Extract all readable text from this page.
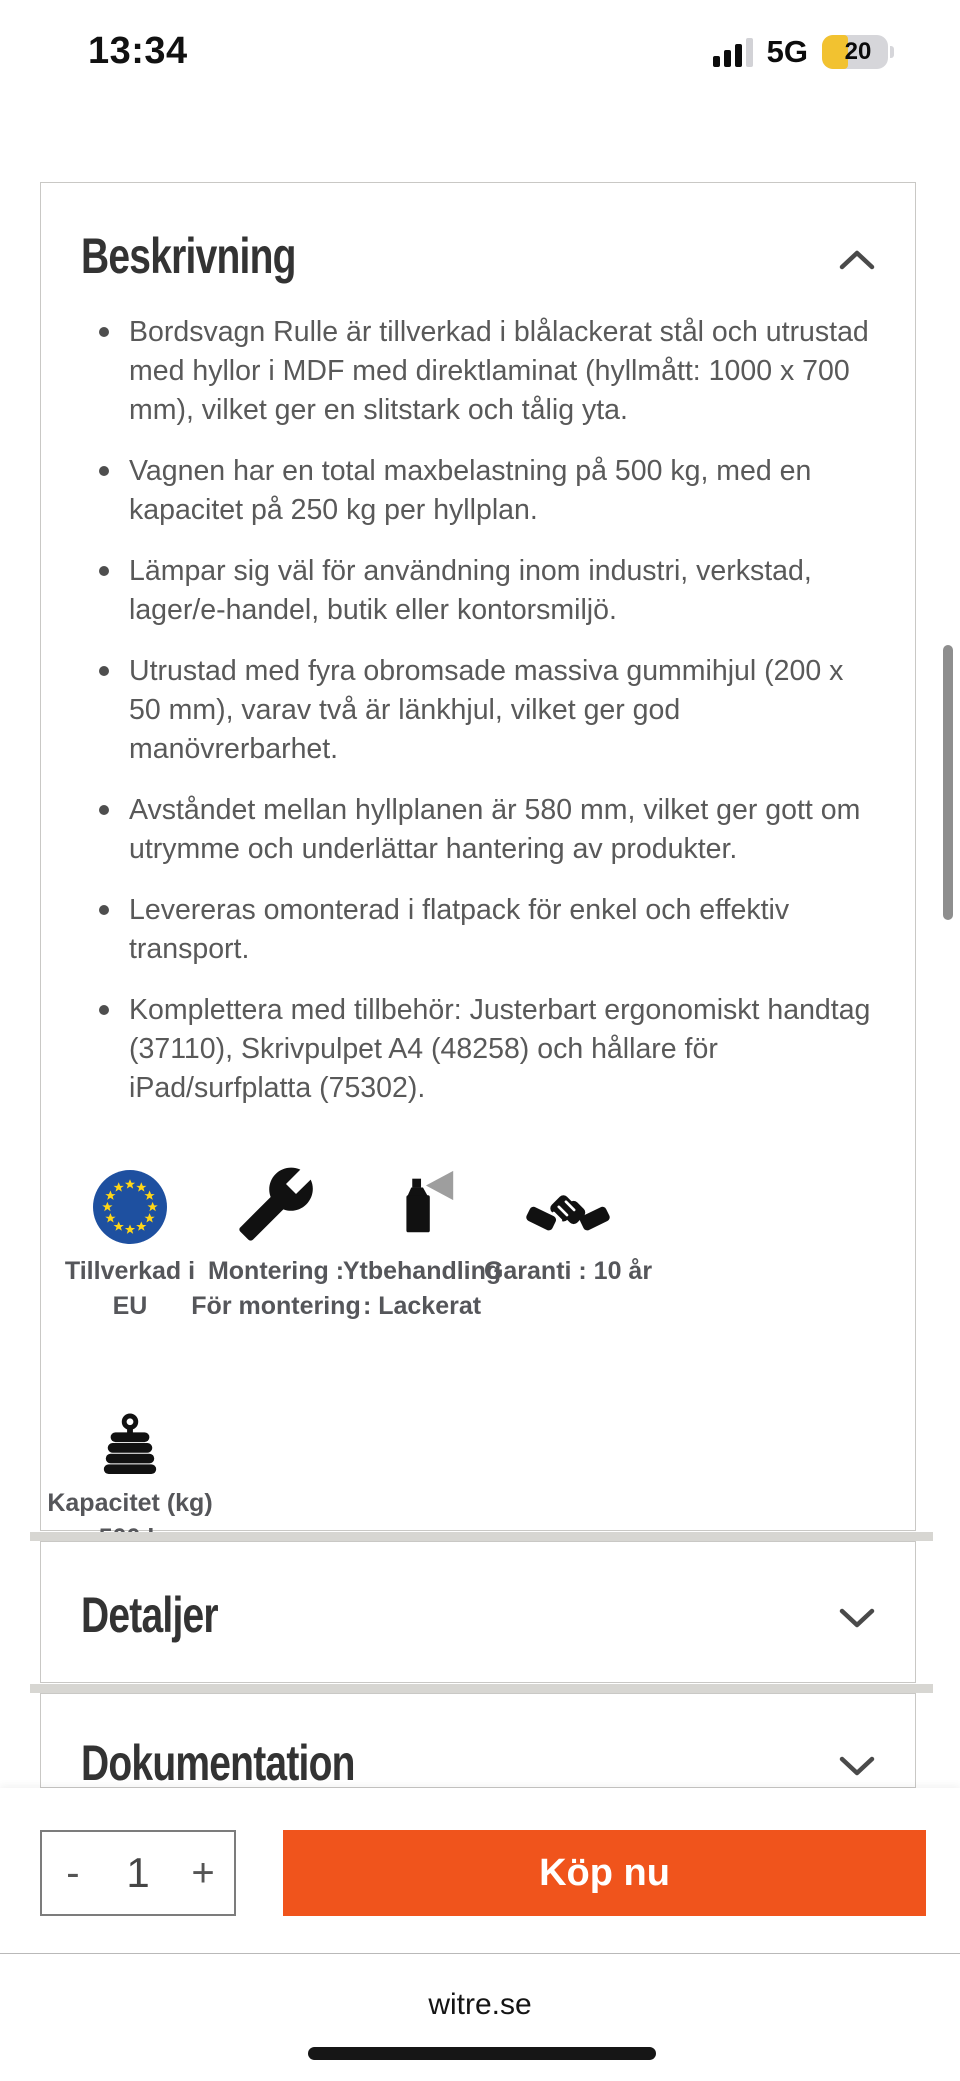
13:34	5G	20
Beskrivning
Bordsvagn Rulle är tillverkad i blålackerat stål och utrustad med hyllor i MDF med direktlaminat (hyllmått: 1000 x 700 mm), vilket ger en slitstark och tålig yta.
Vagnen har en total maxbelastning på 500 kg, med en kapacitet på 250 kg per hyllplan.
Lämpar sig väl för användning inom industri, verkstad, lager/e-handel, butik eller kontorsmiljö.
Utrustad med fyra obromsade massiva gummihjul (200 x 50 mm), varav två är länkhjul, vilket ger god manövrerbarhet.
Avståndet mellan hyllplanen är 580 mm, vilket ger gott om utrymme och underlättar hantering av produkter.
Levereras omonterad i flatpack för enkel och effektiv transport.
Komplettera med tillbehör: Justerbart ergonomiskt handtag (37110), Skrivpulpet A4 (48258) och hållare för iPad/surfplatta (75302).
Tillverkad i
EU
Montering :
För montering
Ytbehandling
: Lackerat
Garanti : 10 år
Kapacitet (kg)
Detaljer
Dokumentation
-	1	+	Köp nu
witre.se
